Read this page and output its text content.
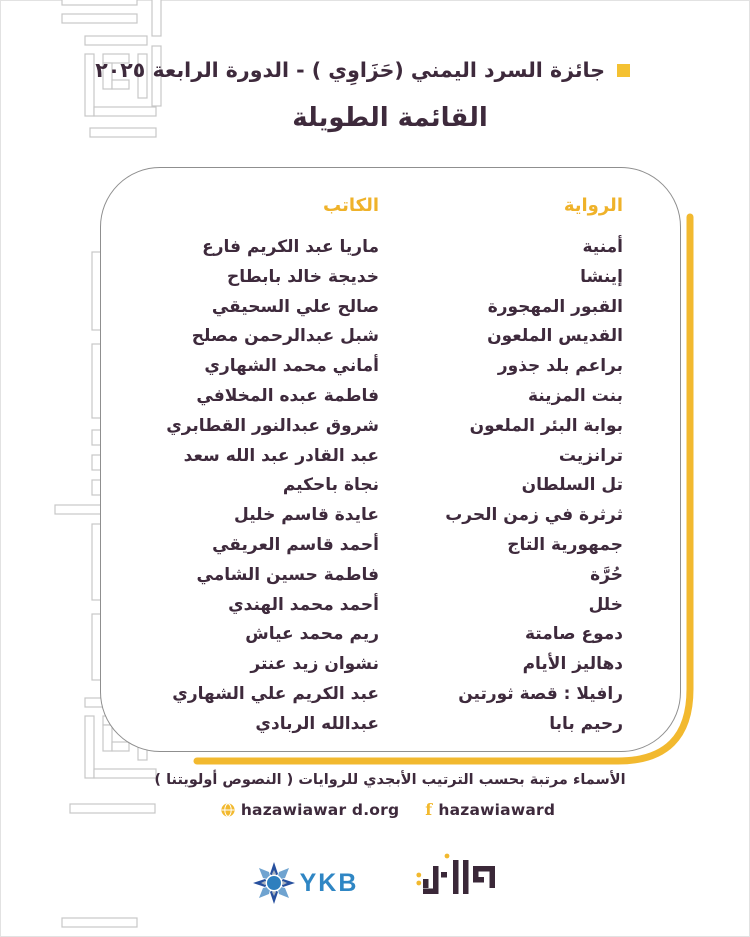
جائزة السرد اليمني (حَزَاوِي ) - الدورة الرابعة ٢٠٢٥
القائمة الطويلة
الرواية
أمنية
إينشا
القبور المهجورة
القديس الملعون
براعم بلد جذور
بنت المزينة
بوابة البئر الملعون
ترانزيت
تل السلطان
ثرثرة في زمن الحرب
جمهورية التاج
حُرَّة
خلل
دموع صامتة
دهاليز الأيام
رافيلا : قصة ثورتين
رحيم بابا
الكاتب
ماريا عبد الكريم فارع
خديجة خالد بابطاح
صالح علي السحيقي
شبل عبدالرحمن مصلح
أماني محمد الشهاري
فاطمة عبده المخلافي
شروق عبدالنور القطابري
عبد القادر عبد الله سعد
نجاة باحكيم
عايدة قاسم خليل
أحمد قاسم العريقي
فاطمة حسين الشامي
أحمد محمد الهندي
ريم محمد عياش
نشوان زيد عنتر
عبد الكريم علي الشهاري
عبدالله الربادي
الأسماء مرتبة بحسب الترتيب الأبجدي للروايات ( النصوص أولويتنا )
hazawiawar d.org f hazawiaward
YKB
